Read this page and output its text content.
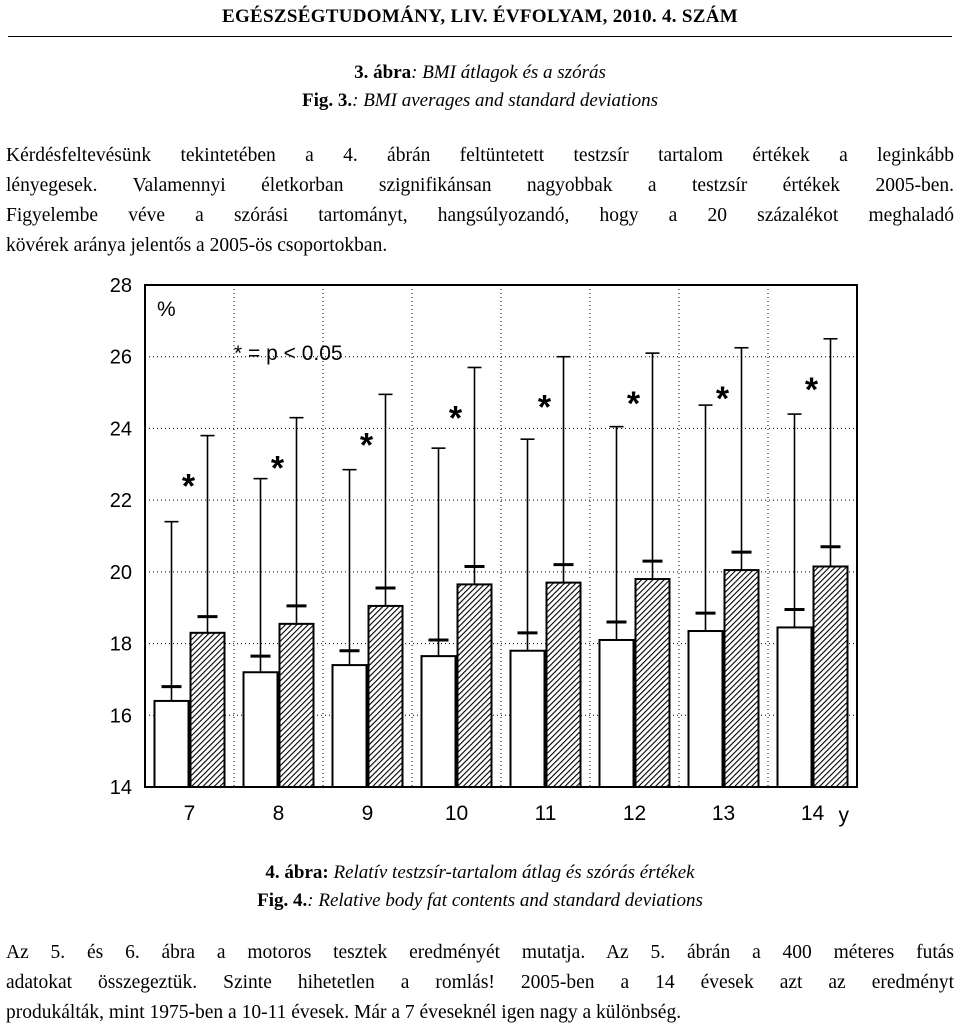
EGÉSZSÉGTUDOMÁNY, LIV. ÉVFOLYAM, 2010. 4. SZÁM
3. ábra: BMI átlagok és a szórás
Fig. 3.: BMI averages and standard deviations
Kérdésfeltevésünk tekintetében a 4. ábrán feltüntetett testzsír tartalom értékek a leginkább
lényegesek. Valamennyi életkorban szignifikánsan nagyobbak a testzsír értékek 2005-ben.
Figyelembe véve a szórási tartományt, hangsúlyozandó, hogy a 20 százalékot meghaladó
kövérek aránya jelentős a 2005-ös csoportokban.
14
16
18
20
22
24
26
28
7	8	9	10	11	12	13	14
%
* = p < 0.05
y
* *
*
* * * * *
4. ábra: Relatív testzsír-tartalom átlag és szórás értékek
Fig. 4.: Relative body fat contents and standard deviations
Az 5. és 6. ábra a motoros tesztek eredményét mutatja. Az 5. ábrán a 400 méteres futás
adatokat összegeztük. Szinte hihetetlen a romlás! 2005-ben a 14 évesek azt az eredményt
produkálták, mint 1975-ben a 10-11 évesek. Már a 7 éveseknél igen nagy a különbség.
